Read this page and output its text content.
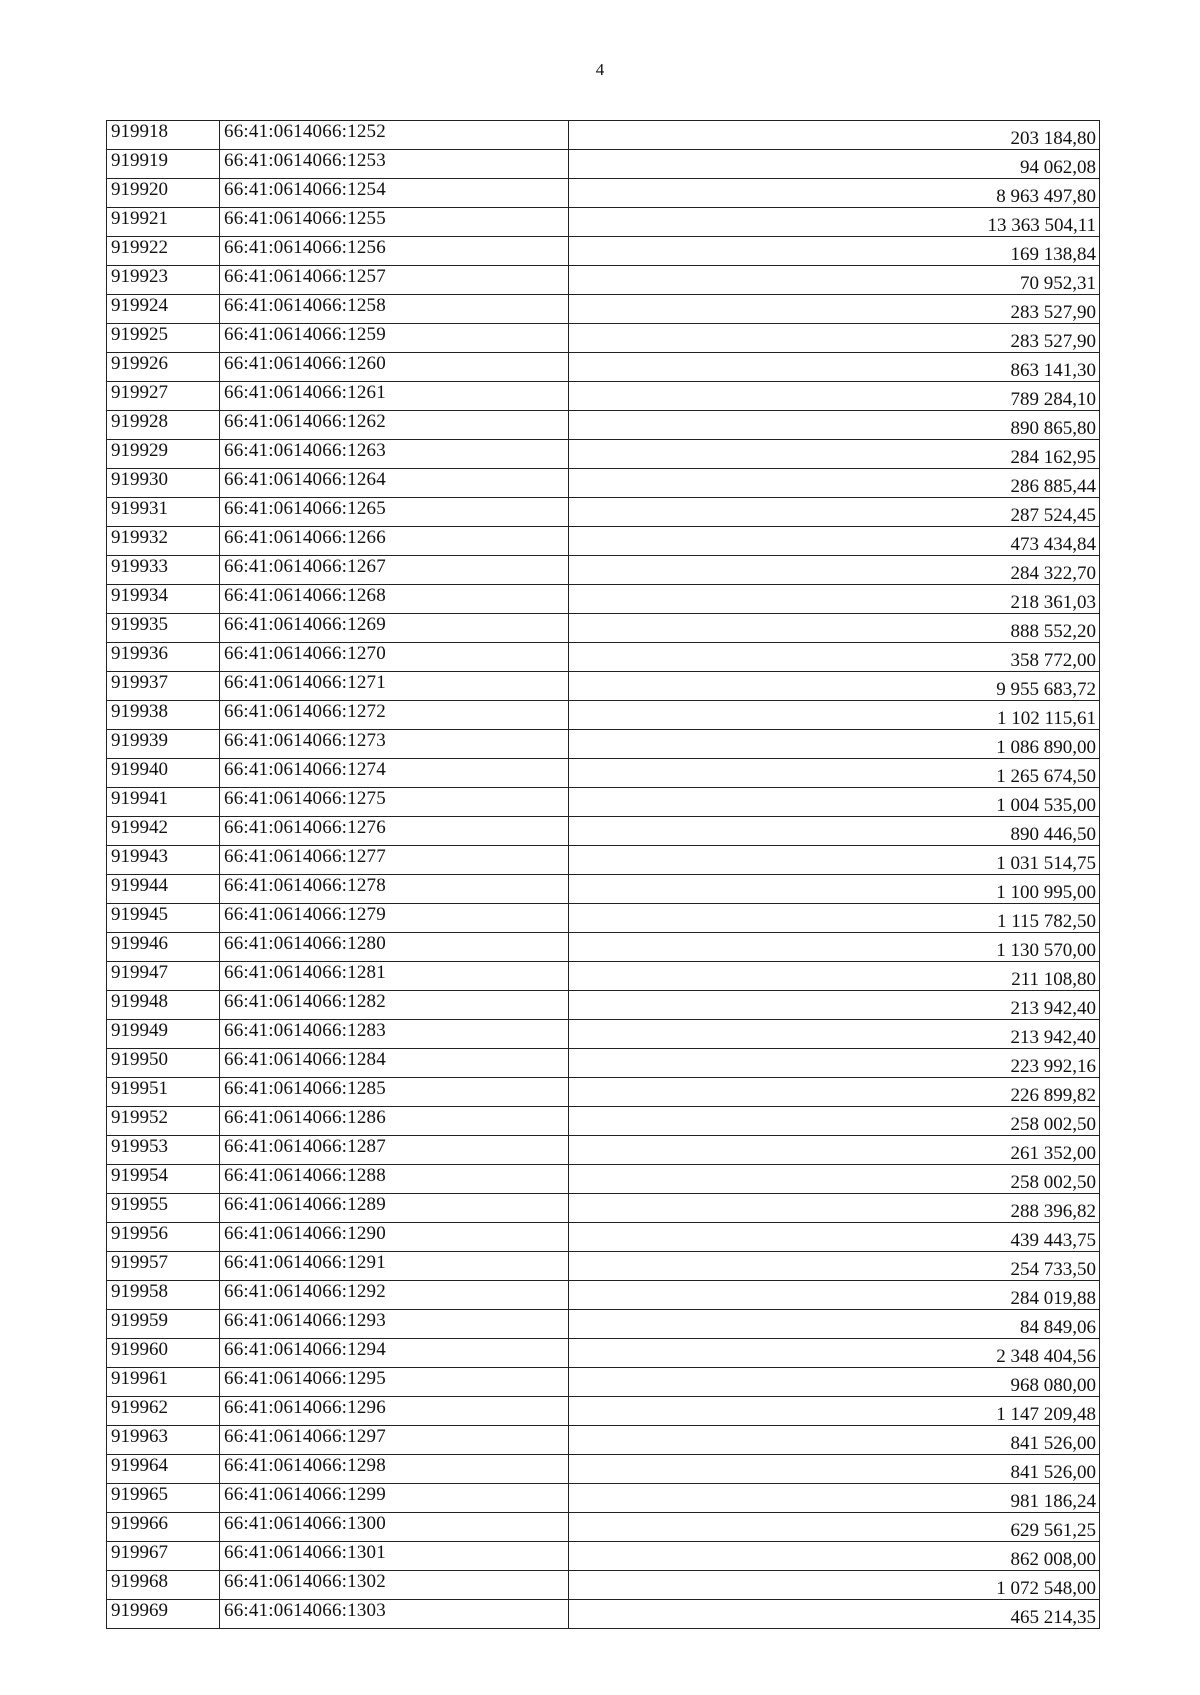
4
919918	66:41:0614066:1252	203 184,80
919919	66:41:0614066:1253	94 062,08
919920	66:41:0614066:1254	8 963 497,80
919921	66:41:0614066:1255	13 363 504,11
919922	66:41:0614066:1256	169 138,84
919923	66:41:0614066:1257	70 952,31
919924	66:41:0614066:1258	283 527,90
919925	66:41:0614066:1259	283 527,90
919926	66:41:0614066:1260	863 141,30
919927	66:41:0614066:1261	789 284,10
919928	66:41:0614066:1262	890 865,80
919929	66:41:0614066:1263	284 162,95
919930	66:41:0614066:1264	286 885,44
919931	66:41:0614066:1265	287 524,45
919932	66:41:0614066:1266	473 434,84
919933	66:41:0614066:1267	284 322,70
919934	66:41:0614066:1268	218 361,03
919935	66:41:0614066:1269	888 552,20
919936	66:41:0614066:1270	358 772,00
919937	66:41:0614066:1271	9 955 683,72
919938	66:41:0614066:1272	1 102 115,61
919939	66:41:0614066:1273	1 086 890,00
919940	66:41:0614066:1274	1 265 674,50
919941	66:41:0614066:1275	1 004 535,00
919942	66:41:0614066:1276	890 446,50
919943	66:41:0614066:1277	1 031 514,75
919944	66:41:0614066:1278	1 100 995,00
919945	66:41:0614066:1279	1 115 782,50
919946	66:41:0614066:1280	1 130 570,00
919947	66:41:0614066:1281	211 108,80
919948	66:41:0614066:1282	213 942,40
919949	66:41:0614066:1283	213 942,40
919950	66:41:0614066:1284	223 992,16
919951	66:41:0614066:1285	226 899,82
919952	66:41:0614066:1286	258 002,50
919953	66:41:0614066:1287	261 352,00
919954	66:41:0614066:1288	258 002,50
919955	66:41:0614066:1289	288 396,82
919956	66:41:0614066:1290	439 443,75
919957	66:41:0614066:1291	254 733,50
919958	66:41:0614066:1292	284 019,88
919959	66:41:0614066:1293	84 849,06
919960	66:41:0614066:1294	2 348 404,56
919961	66:41:0614066:1295	968 080,00
919962	66:41:0614066:1296	1 147 209,48
919963	66:41:0614066:1297	841 526,00
919964	66:41:0614066:1298	841 526,00
919965	66:41:0614066:1299	981 186,24
919966	66:41:0614066:1300	629 561,25
919967	66:41:0614066:1301	862 008,00
919968	66:41:0614066:1302	1 072 548,00
919969	66:41:0614066:1303	465 214,35
